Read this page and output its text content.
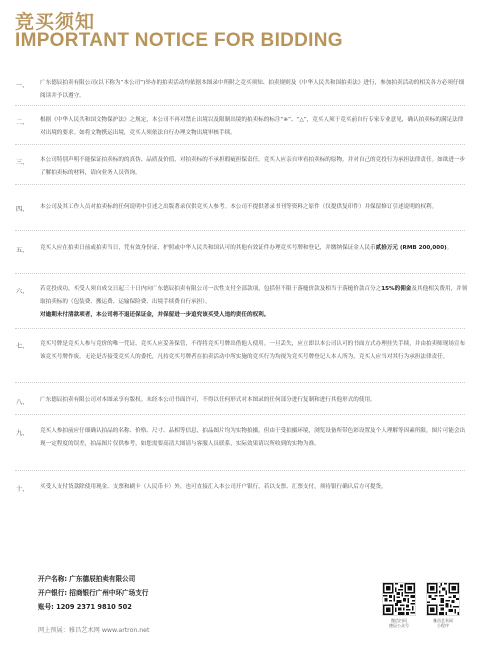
竞买须知
IMPORTANT NOTICE FOR BIDDING
一、 广东德辰拍卖有限公司(以下称为“本公司”)举办的拍卖活动均依据本图录中所附之竞买须知、拍卖规则及《中华人民共和国拍卖法》进行，参加拍卖活动的相关各方必须仔细阅读并予以遵守。
二、 根据《中华人民共和国文物保护法》之规定，本公司不再对禁止出境以及限制出境的拍卖标的标注“※”、“△”，竞买人须于竞买前自行专家专业意见，确认拍卖标的满足法律对出境的要求。如将文物携运出境，竞买人须依法自行办理文物出境审核手续。
三、 本公司特别声明不能保证拍卖标的的真伪、品质及价值，对拍卖标的不承担瑕疵担保责任。竞买人应亲自审看拍卖标的原物，并对自己的竞投行为承担法律责任。如欲进一步了解拍卖标的材料，请向业务人员咨询。
四、 本公司及其工作人员对拍卖标的任何说明中引述之出版著录仅供竞买人参考。本公司不提供著录书刊等资料之原件（仅提供复印件）并保留修订引述说明的权利。
五、 竞买人应在拍卖日前或拍卖当日，凭有效身份证、护照或中华人民共和国认可的其他有效证件办理竞买号牌和登记，并缴纳保证金人民币贰拾万元 (RMB 200,000)。
六、 若竞投成功，买受人须自成交日起三十日内向广东德辰拍卖有限公司一次性支付全部款项，包括但不限于落槌价款及相当于落槌价款百分之15%的佣金及其他相关费用，并领取拍卖标的（包装费、搬运费、运输保险费、出境手续费自行承担）。
对逾期未付清款项者，本公司将不退还保证金，并保留进一步追究该买受人违约责任的权利。
七、 竞买号牌是竞买人参与竞价的唯一凭证，竞买人应妥善保管，不得将竞买号牌出借他人使用。一旦丢失，应立即以本公司认可的书面方式办理挂失手续，并由拍卖师现场宣布该竞买号牌作废。无论是否接受竞买人的委托，凡持竞买号牌者在拍卖活动中所实施的竞买行为均视为竞买号牌登记人本人所为，竞买人应当对其行为承担法律责任。
八、 广东德辰拍卖有限公司对本图录享有版权。未经本公司书面许可，不得以任何形式对本图录的任何部分进行复制和进行其他形式的使用。
九、 竞买人参拍前应仔细确认拍品的名称、价格、尺寸、品相等信息，拍品图片均为实物拍摄，但由于受拍摄环境，浏览设备所带色彩设置及个人理解等因素所限，图片可能会出现一定程度的误差，拍品图片仅供参考，如您需要高清大图请与客服人员联系，实际效果请以所收到的实物为准。
十、 买受人支付货款除使用现金、支票和刷卡（人民币卡）外，也可直接汇入本公司开户银行。若以支票、汇票支付，须待银行确认后方可提货。
开户名称: 广东德辰拍卖有限公司
开户银行: 招商银行广州中环广场支行
账号: 1209 2371 9810 502
网上预展：雅昌艺术网 www.artron.net
微信扫码
德辰公众号
雅昌艺术网
小程序
